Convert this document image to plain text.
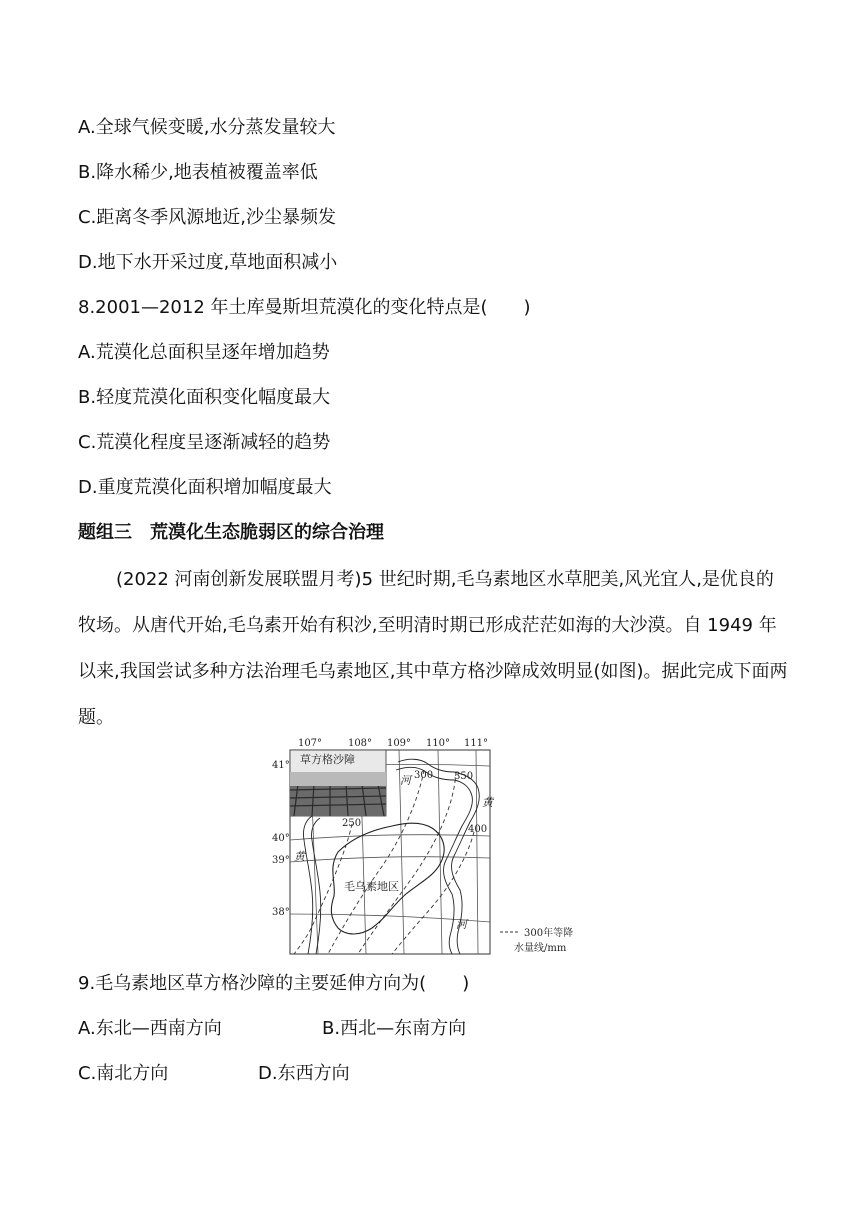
A.全球气候变暖,水分蒸发量较大
B.降水稀少,地表植被覆盖率低
C.距离冬季风源地近,沙尘暴频发
D.地下水开采过度,草地面积减小
8.2001—2012 年土库曼斯坦荒漠化的变化特点是(　　)
A.荒漠化总面积呈逐年增加趋势
B.轻度荒漠化面积变化幅度最大
C.荒漠化程度呈逐渐减轻的趋势
D.重度荒漠化面积增加幅度最大
题组三　荒漠化生态脆弱区的综合治理
(2022 河南创新发展联盟月考)5 世纪时期,毛乌素地区水草肥美,风光宜人,是优良的牧场。从唐代开始,毛乌素开始有积沙,至明清时期已形成茫茫如海的大沙漠。自 1949 年以来,我国尝试多种方法治理毛乌素地区,其中草方格沙障成效明显(如图)。据此完成下面两题。
107°	108° 109° 110° 111°
41°
40°
39°
38°
草方格沙障
250
300 350
400
河
黄
黄
河
毛乌素地区
300年等降
水量线/mm
9.毛乌素地区草方格沙障的主要延伸方向为(　　)
A.东北—西南方向	B.西北—东南方向
C.南北方向	D.东西方向
